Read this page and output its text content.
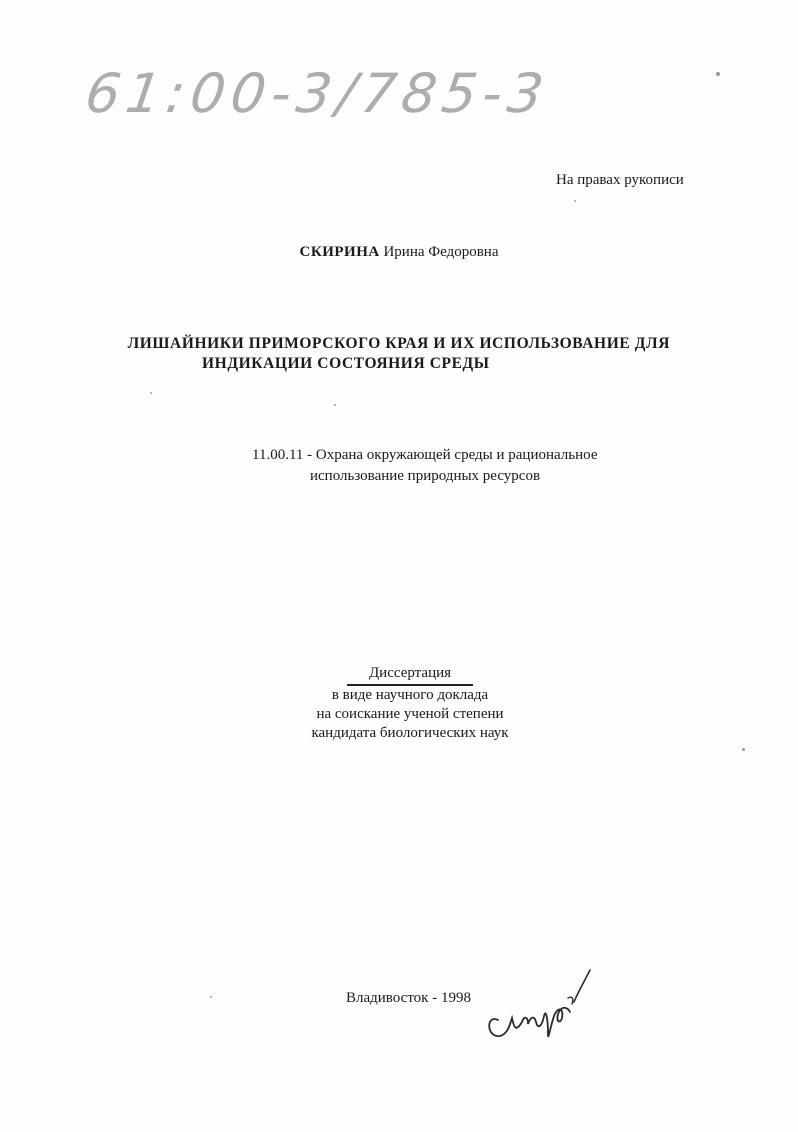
61:00-3/785-3
На правах рукописи
СКИРИНА Ирина Федоровна
ЛИШАЙНИКИ ПРИМОРСКОГО КРАЯ И ИХ ИСПОЛЬЗОВАНИЕ ДЛЯ
ИНДИКАЦИИ СОСТОЯНИЯ СРЕДЫ
11.00.11 - Охрана окружающей среды и рациональное
использование природных ресурсов
Диссертация
в виде научного доклада
на соискание ученой степени
кандидата биологических наук
Владивосток - 1998
